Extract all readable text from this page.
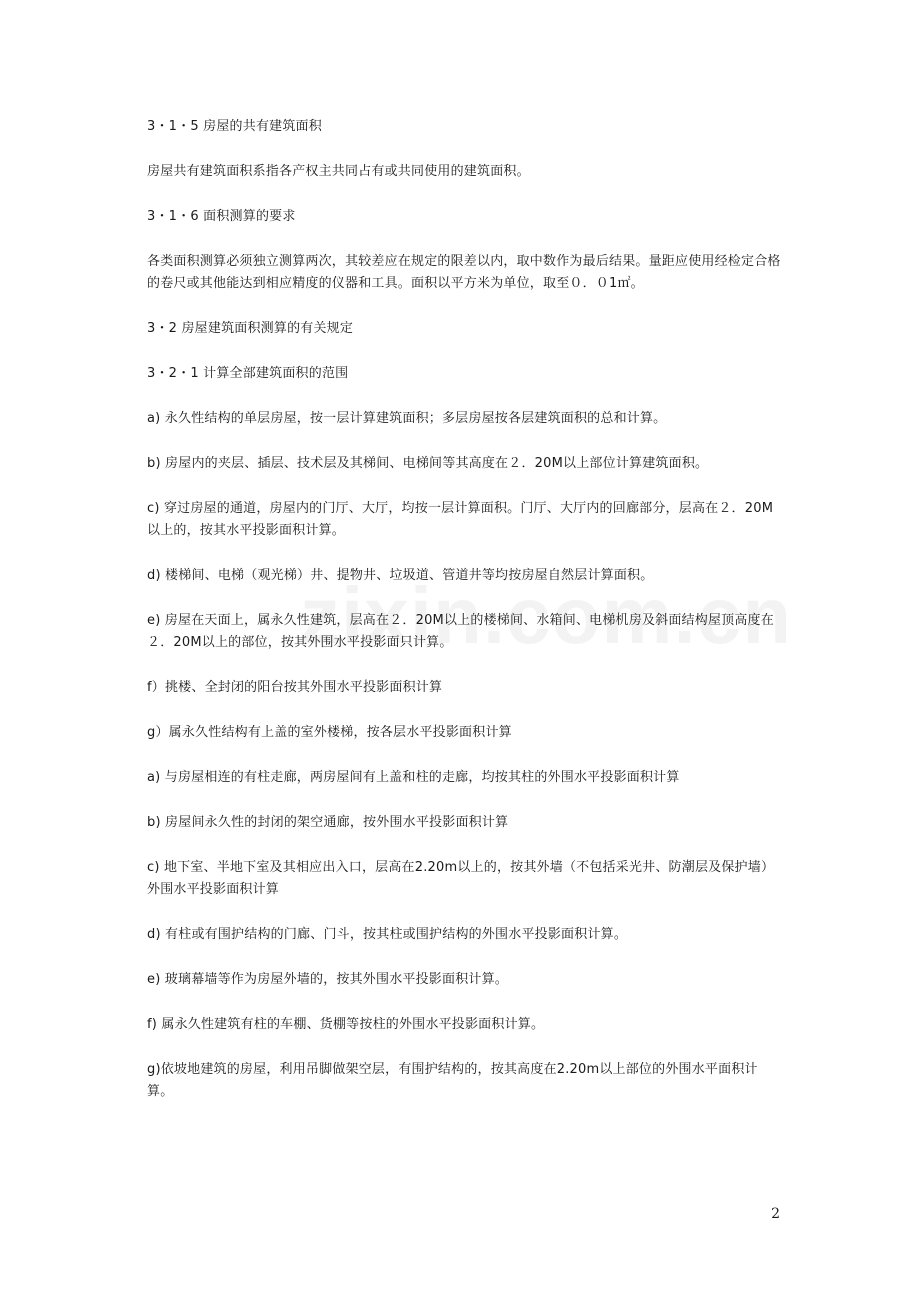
3・1・5 房屋的共有建筑面积

房屋共有建筑面积系指各产权主共同占有或共同使用的建筑面积。

3・1・6 面积测算的要求

各类面积测算必须独立测算两次，其较差应在规定的限差以内，取中数作为最后结果。量距应使用经检定合格的卷尺或其他能达到相应精度的仪器和工具。面积以平方米为单位，取至０．０1㎡。

3・2 房屋建筑面积测算的有关规定

3・2・1 计算全部建筑面积的范围

a) 永久性结构的单层房屋，按一层计算建筑面积；多层房屋按各层建筑面积的总和计算。

b) 房屋内的夹层、插层、技术层及其梯间、电梯间等其高度在２．20M以上部位计算建筑面积。

c) 穿过房屋的通道，房屋内的门厅、大厅，均按一层计算面积。门厅、大厅内的回廊部分，层高在２．20M以上的，按其水平投影面积计算。

d) 楼梯间、电梯（观光梯）井、提物井、垃圾道、管道井等均按房屋自然层计算面积。

e) 房屋在天面上，属永久性建筑，层高在２．20M以上的楼梯间、水箱间、电梯机房及斜面结构屋顶高度在２．20M以上的部位，按其外围水平投影面只计算。

f）挑楼、全封闭的阳台按其外围水平投影面积计算

g）属永久性结构有上盖的室外楼梯，按各层水平投影面积计算

a) 与房屋相连的有柱走廊，两房屋间有上盖和柱的走廊，均按其柱的外围水平投影面积计算

b) 房屋间永久性的封闭的架空通廊，按外围水平投影面积计算

c) 地下室、半地下室及其相应出入口，层高在2.20m以上的，按其外墙（不包括采光井、防潮层及保护墙）外围水平投影面积计算

d) 有柱或有围护结构的门廊、门斗，按其柱或围护结构的外围水平投影面积计算。

e) 玻璃幕墙等作为房屋外墙的，按其外围水平投影面积计算。

f) 属永久性建筑有柱的车棚、货棚等按柱的外围水平投影面积计算。

g)依坡地建筑的房屋，利用吊脚做架空层，有围护结构的，按其高度在2.20m以上部位的外围水平面积计算。

2
